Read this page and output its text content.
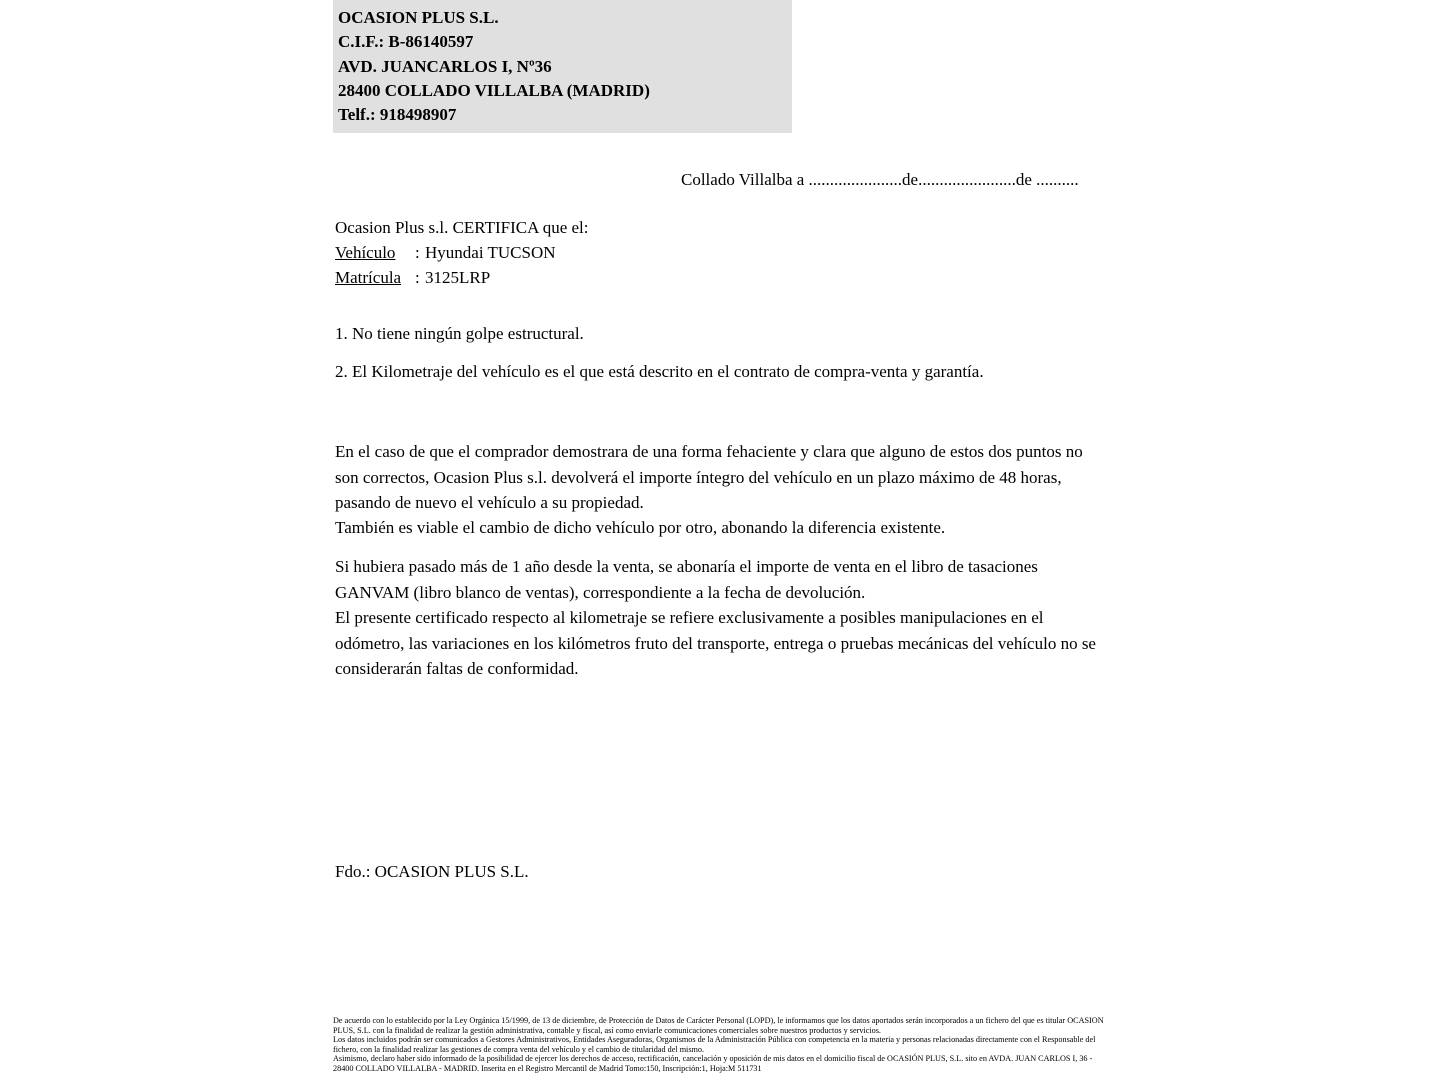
OCASION PLUS S.L.
C.I.F.: B-86140597
AVD. JUANCARLOS I, Nº36
28400 COLLADO VILLALBA (MADRID)
Telf.: 918498907
Collado Villalba a ......................de.......................de ..........
Ocasion Plus s.l. CERTIFICA que el:
Vehículo : Hyundai TUCSON
Matrícula : 3125LRP
1. No tiene ningún golpe estructural.
2. El Kilometraje del vehículo es el que está descrito en el contrato de compra-venta y garantía.
En el caso de que el comprador demostrara de una forma fehaciente y clara que alguno de estos dos puntos no son correctos, Ocasion Plus s.l. devolverá el importe íntegro del vehículo en un plazo máximo de 48 horas, pasando de nuevo el vehículo a su propiedad.
También es viable el cambio de dicho vehículo por otro, abonando la diferencia existente.
Si hubiera pasado más de 1 año desde la venta, se abonaría el importe de venta en el libro de tasaciones GANVAM (libro blanco de ventas), correspondiente a la fecha de devolución.
El presente certificado respecto al kilometraje se refiere exclusivamente a posibles manipulaciones en el odómetro, las variaciones en los kilómetros fruto del transporte, entrega o pruebas mecánicas del vehículo no se considerarán faltas de conformidad.
Fdo.: OCASION PLUS S.L.

De acuerdo con lo establecido por la Ley Orgánica 15/1999, de 13 de diciembre, de Protección de Datos de Carácter Personal (LOPD), le informamos que los datos aportados serán incorporados a un fichero del que es titular OCASION PLUS, S.L. con la finalidad de realizar la gestión administrativa, contable y fiscal, así como enviarle comunicaciones comerciales sobre nuestros productos y servicios.

Los datos incluidos podrán ser comunicados a Gestores Administrativos, Entidades Aseguradoras, Organismos de la Administración Pública con competencia en la materia y personas relacionadas directamente con el Responsable del fichero, con la finalidad realizar las gestiones de compra venta del vehículo y el cambio de titularidad del mismo.

Asimismo, declaro haber sido informado de la posibilidad de ejercer los derechos de acceso, rectificación, cancelación y oposición de mis datos en el domicilio fiscal de OCASIÓN PLUS, S.L. sito en AVDA. JUAN CARLOS I, 36 - 28400 COLLADO VILLALBA - MADRID. Inserita en el Registro Mercantil de Madrid Tomo:150, Inscripción:1, Hoja:M 511731
